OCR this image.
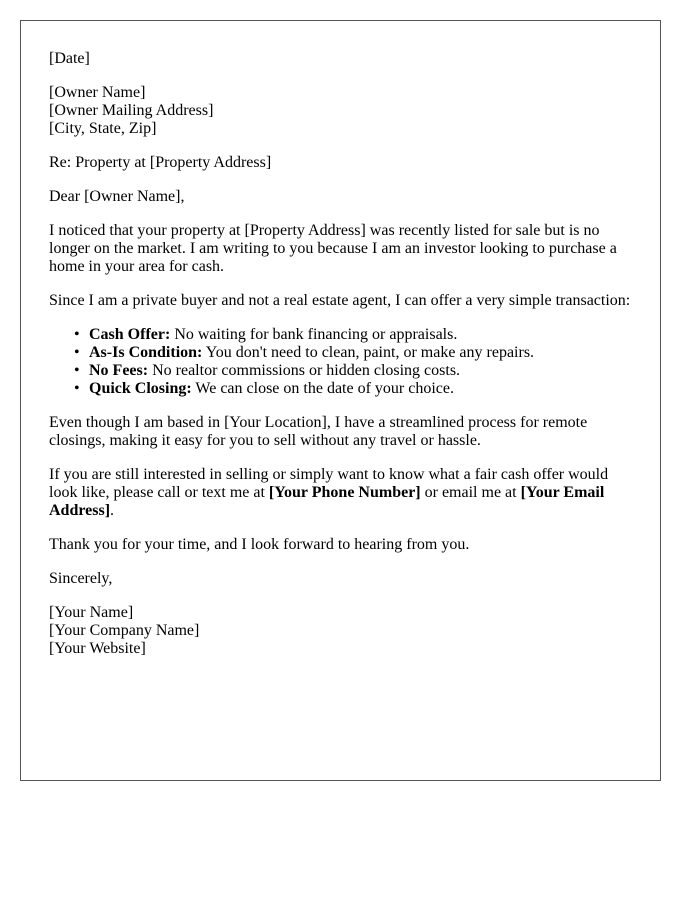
[Date]
[Owner Name]
[Owner Mailing Address]
[City, State, Zip]

Re: Property at [Property Address]

Dear [Owner Name],

I noticed that your property at [Property Address] was recently listed for sale but is no longer on the market. I am writing to you because I am an investor looking to purchase a home in your area for cash.

Since I am a private buyer and not a real estate agent, I can offer a very simple transaction:

• Cash Offer: No waiting for bank financing or appraisals.
• As-Is Condition: You don't need to clean, paint, or make any repairs.
• No Fees: No realtor commissions or hidden closing costs.
• Quick Closing: We can close on the date of your choice.

Even though I am based in [Your Location], I have a streamlined process for remote closings, making it easy for you to sell without any travel or hassle.

If you are still interested in selling or simply want to know what a fair cash offer would look like, please call or text me at [Your Phone Number] or email me at [Your Email Address].

Thank you for your time, and I look forward to hearing from you.

Sincerely,

[Your Name]
[Your Company Name]
[Your Website]
